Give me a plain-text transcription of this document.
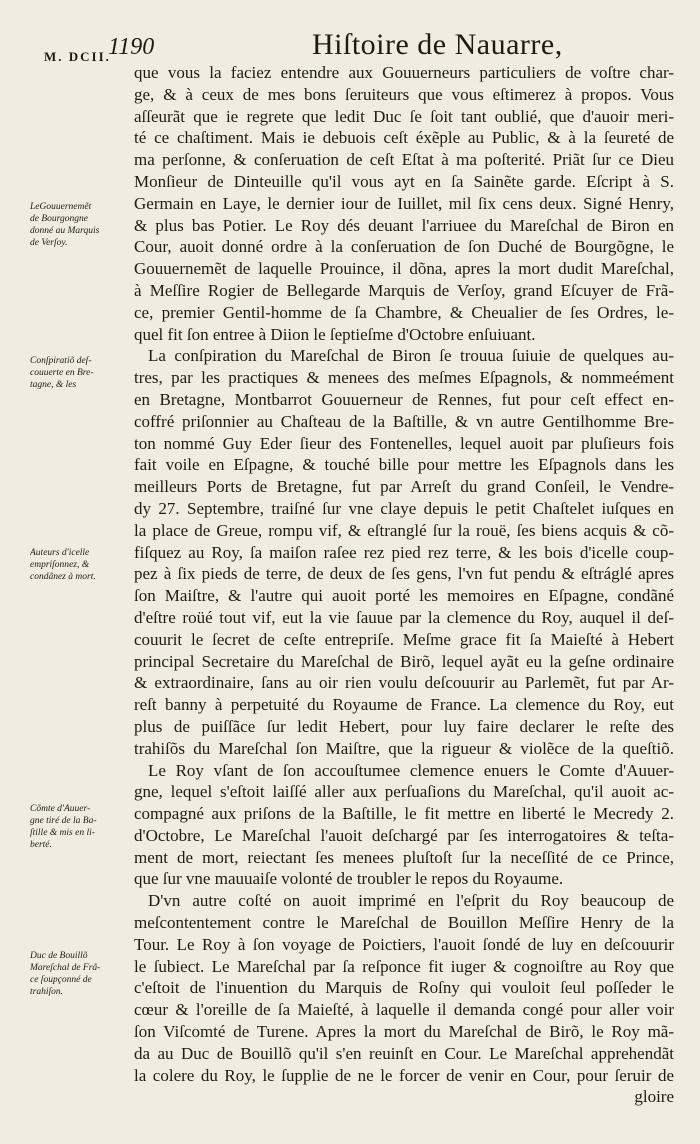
M. DCII.
1190	Hiſtoire de Nauarre,
LeGouuernemẽt
de Bourgongne
donné au Marquis
de Verſoy.
Conſpiratiõ deſ-
couuerte en Bre-
tagne, & les
Auteurs d'icelle
empriſonnez, &
condãnez à mort.
Cõmte d'Auuer-
gne tiré de la Ba-
ſtille & mis en li-
berté.
Duc de Bouillõ
Mareſchal de Frã-
ce ſoupçonné de
trahiſon.
que vous la faciez entendre aux Gouuerneurs particuliers de voſtre char-
ge, & à ceux de mes bons ſeruiteurs que vous eſtimerez à propos. Vous
aſſeurãt que ie regrete que ledit Duc ſe ſoit tant oublié, que d'auoir meri-
té ce chaſtiment. Mais ie debuois ceſt éxẽple au Public, & à la ſeureté de
ma perſonne, & conſeruation de ceſt Eſtat à ma poſterité. Priãt ſur ce Dieu
Monſieur de Dinteuille qu'il vous ayt en ſa Sainẽte garde. Eſcript à S.
Germain en Laye, le dernier iour de Iuillet, mil ſix cens deux. Signé Henry,
& plus bas Potier. Le Roy dés deuant l'arriuee du Mareſchal de Biron en
Cour, auoit donné ordre à la conſeruation de ſon Duché de Bourgõgne, le
Gouuernemẽt de laquelle Prouince, il dõna, apres la mort dudit Mareſchal,
à Meſſire Rogier de Bellegarde Marquis de Verſoy, grand Eſcuyer de Frã-
ce, premier Gentil-homme de ſa Chambre, & Cheualier de ſes Ordres, le-
quel fit ſon entree à Diion le ſeptieſme d'Octobre enſuiuant.
La conſpiration du Mareſchal de Biron ſe trouua ſuiuie de quelques au-
tres, par les practiques & menees des meſmes Eſpagnols, & nommeément
en Bretagne, Montbarrot Gouuerneur de Rennes, fut pour ceſt effect en-
coffré priſonnier au Chaſteau de la Baſtille, & vn autre Gentilhomme Bre-
ton nommé Guy Eder ſieur des Fontenelles, lequel auoit par pluſieurs fois
fait voile en Eſpagne, & touché bille pour mettre les Eſpagnols dans les
meilleurs Ports de Bretagne, fut par Arreſt du grand Conſeil, le Vendre-
dy 27. Septembre, traiſné ſur vne claye depuis le petit Chaſtelet iuſques en
la place de Greue, rompu vif, & eſtranglé ſur la rouë, ſes biens acquis & cõ-
fiſquez au Roy, ſa maiſon raſee rez pied rez terre, & les bois d'icelle coup-
pez à ſix pieds de terre, de deux de ſes gens, l'vn fut pendu & eſtráglé apres
ſon Maiſtre, & l'autre qui auoit porté les memoires en Eſpagne, condãné
d'eſtre roüé tout vif, eut la vie ſauue par la clemence du Roy, auquel il deſ-
couurit le ſecret de ceſte entrepriſe. Meſme grace fit ſa Maieſté à Hebert
principal Secretaire du Mareſchal de Birõ, lequel ayãt eu la geſne ordinaire
& extraordinaire, ſans au oir rien voulu deſcouurir au Parlemẽt, fut par Ar-
reſt banny à perpetuité du Royaume de France. La clemence du Roy, eut
plus de puiſſãce ſur ledit Hebert, pour luy faire declarer le reſte des
trahiſõs du Mareſchal ſon Maiſtre, que la rigueur & violẽce de la queſtiõ.
Le Roy vſant de ſon accouſtumee clemence enuers le Comte d'Auuer-
gne, lequel s'eſtoit laiſſé aller aux perſuaſions du Mareſchal, qu'il auoit ac-
compagné aux priſons de la Baſtille, le fit mettre en liberté le Mecredy 2.
d'Octobre, Le Mareſchal l'auoit deſchargé par ſes interrogatoires & teſta-
ment de mort, reiectant ſes menees pluſtoſt ſur la neceſſité de ce Prince,
que ſur vne mauuaiſe volonté de troubler le repos du Royaume.
D'vn autre coſté on auoit imprimé en l'eſprit du Roy beaucoup de
meſcontentement contre le Mareſchal de Bouillon Meſſire Henry de la
Tour. Le Roy à ſon voyage de Poictiers, l'auoit ſondé de luy en deſcouurir
le ſubiect. Le Mareſchal par ſa reſponce fit iuger & cognoiſtre au Roy que
c'eſtoit de l'inuention du Marquis de Roſny qui vouloit ſeul poſſeder le
cœur & l'oreille de ſa Maieſté, à laquelle il demanda congé pour aller voir
ſon Viſcomté de Turene. Apres la mort du Mareſchal de Birõ, le Roy mã-
da au Duc de Bouillõ qu'il s'en reuinſt en Cour. Le Mareſchal apprehendãt
la colere du Roy, le ſupplie de ne le forcer de venir en Cour, pour ſeruir de
gloire
